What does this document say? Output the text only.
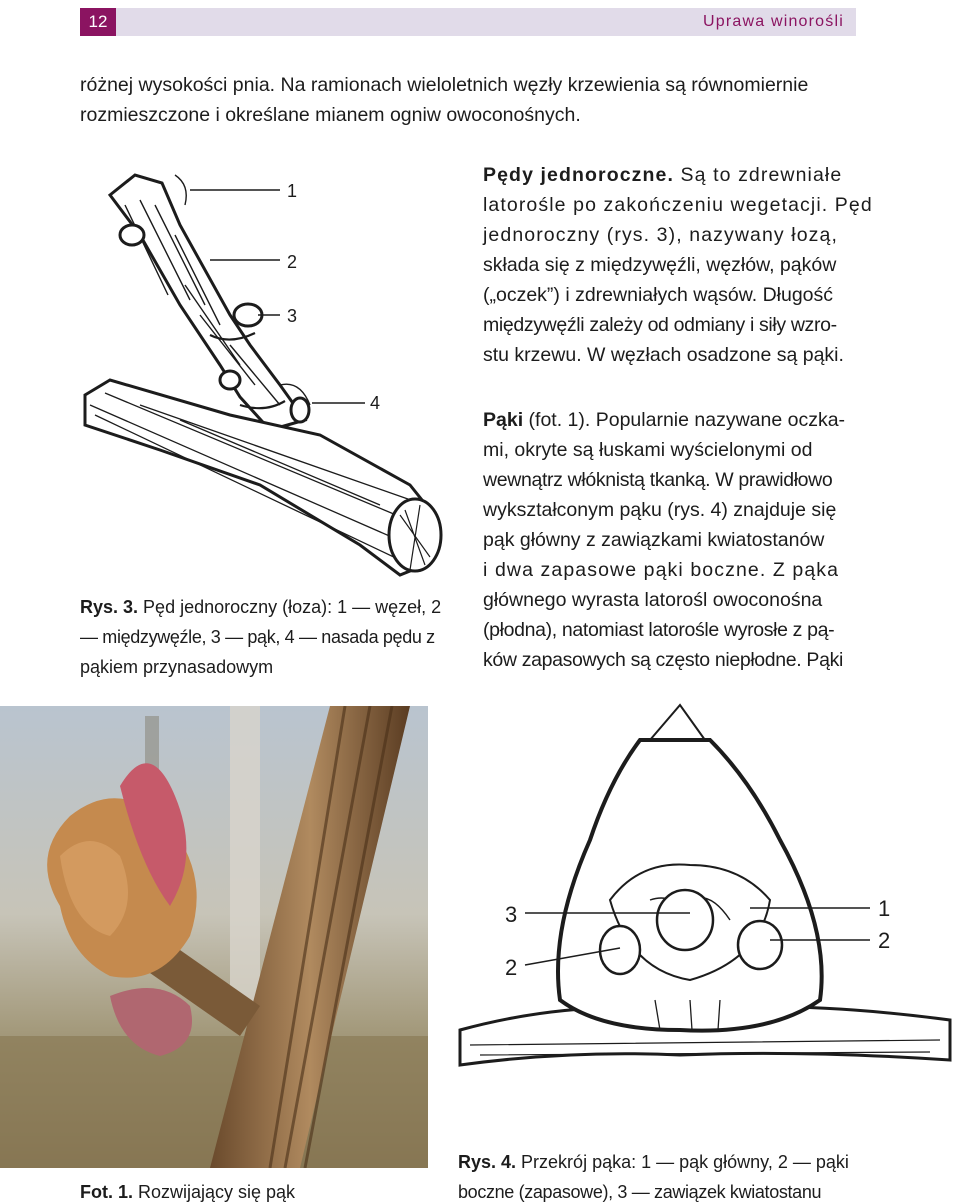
12	Uprawa winorośli
różnej wysokości pnia. Na ramionach wieloletnich węzły krzewienia są równomiernie
rozmieszczone i określane mianem ogniw owoconośnych.
Pędy jednoroczne. Są to zdrewniałe
latorośle po zakończeniu wegetacji. Pęd
jednoroczny (rys. 3), nazywany łozą,
składa się z międzywęźli, węzłów, pąków
(„oczek”) i zdrewniałych wąsów. Długość
międzywęźli zależy od odmiany i siły wzro-
stu krzewu. W węzłach osadzone są pąki.
Pąki (fot. 1). Popularnie nazywane oczka-
mi, okryte są łuskami wyścielonymi od
wewnątrz włóknistą tkanką. W prawidłowo
wykształconym pąku (rys. 4) znajduje się
pąk główny z zawiązkami kwiatostanów
i dwa zapasowe pąki boczne. Z pąka
głównego wyrasta latorośl owoconośna
(płodna), natomiast latorośle wyrosłe z pą-
ków zapasowych są często niepłodne. Pąki
1
2
3
4
Rys. 3. Pęd jednoroczny (łoza): 1 — węzeł, 2
— międzywęźle, 3 — pąk, 4 — nasada pędu z
pąkiem przynasadowym
Fot. 1. Rozwijający się pąk
3
2
1
2
Rys. 4. Przekrój pąka: 1 — pąk główny, 2 — pąki
boczne (zapasowe), 3 — zawiązek kwiatostanu
